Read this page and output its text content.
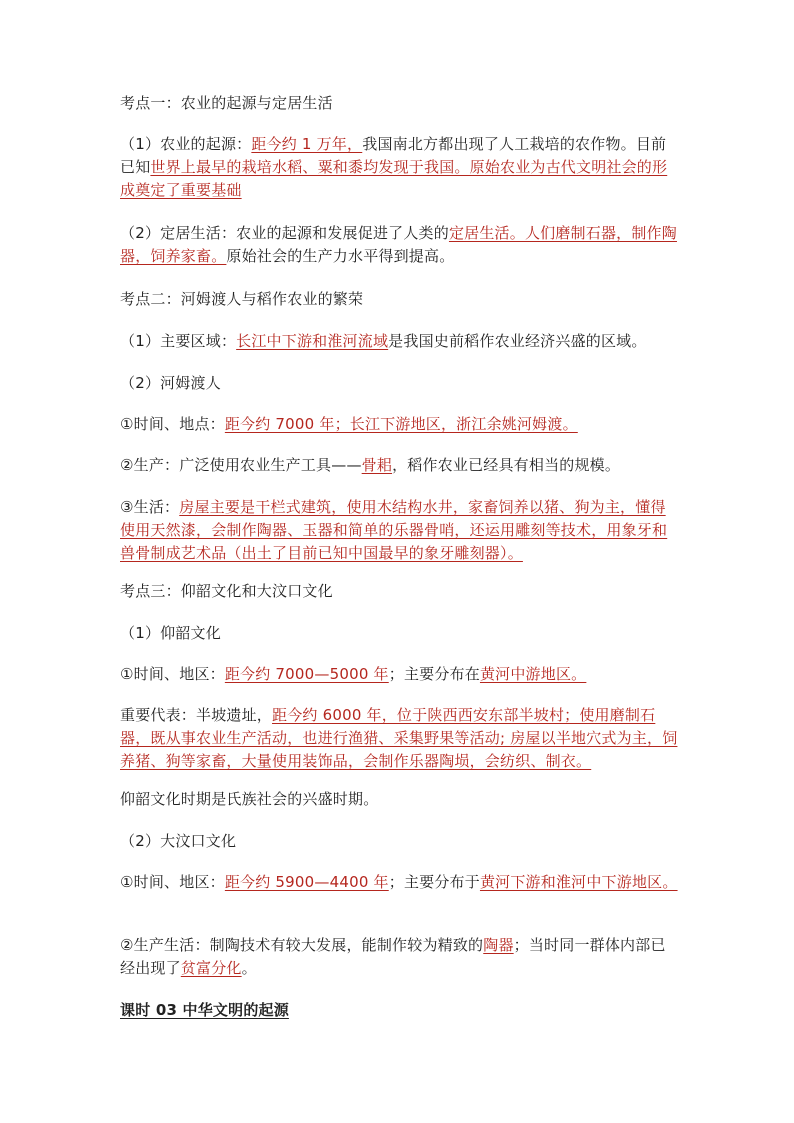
考点一：农业的起源与定居生活

（1）农业的起源：距今约 1 万年，我国南北方都出现了人工栽培的农作物。目前已知世界上最早的栽培水稻、粟和黍均发现于我国。原始农业为古代文明社会的形成奠定了重要基础

（2）定居生活：农业的起源和发展促进了人类的定居生活。人们磨制石器，制作陶器，饲养家畜。原始社会的生产力水平得到提高。

考点二：河姆渡人与稻作农业的繁荣

（1）主要区域：长江中下游和淮河流域是我国史前稻作农业经济兴盛的区域。

（2）河姆渡人

①时间、地点：距今约 7000 年；长江下游地区，浙江余姚河姆渡。

②生产：广泛使用农业生产工具——骨耜，稻作农业已经具有相当的规模。

③生活：房屋主要是干栏式建筑，使用木结构水井，家畜饲养以猪、狗为主，懂得使用天然漆，会制作陶器、玉器和简单的乐器骨哨，还运用雕刻等技术，用象牙和兽骨制成艺术品（出土了目前已知中国最早的象牙雕刻器）。

考点三：仰韶文化和大汶口文化

（1）仰韶文化

①时间、地区：距今约 7000—5000 年；主要分布在黄河中游地区。

重要代表：半坡遗址，距今约 6000 年，位于陕西西安东部半坡村；使用磨制石器，既从事农业生产活动，也进行渔猎、采集野果等活动; 房屋以半地穴式为主，饲养猪、狗等家畜，大量使用装饰品，会制作乐器陶埙，会纺织、制衣。

仰韶文化时期是氏族社会的兴盛时期。

（2）大汶口文化

①时间、地区：距今约 5900—4400 年；主要分布于黄河下游和淮河中下游地区。

②生产生活：制陶技术有较大发展，能制作较为精致的陶器；当时同一群体内部已经出现了贫富分化。

课时 03 中华文明的起源
